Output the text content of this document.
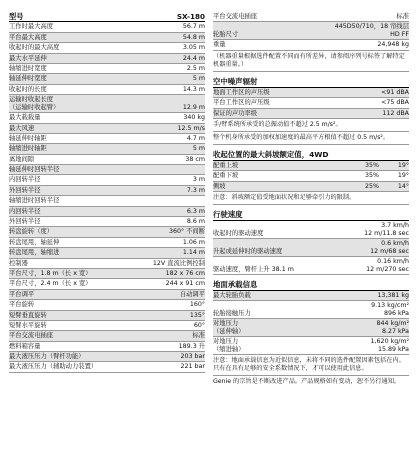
型号	SX-180
工作时最大高度	56.7 m
平台最大高度	54.8 m
收起时的最大高度	3.05 m
最大水平延伸	24.4 m
轴缩进时宽度	2.5 m
轴延伸时宽度	5 m
收起时的长度	14.3 m
运输时收起长度
（运输时收起臂）	12.9 m
最大载载量	340 kg
最大风速	12.5 m/s
轴延伸时轴距	4.7 m
轴缩进时轴距	5 m
离地间隙	38 cm
轴延伸时回转半径
内回转半径	3 m
外回转半径	7.3 m
轴缩进时回转半径
内回转半径	6.3 m
外回转半径	8.6 m
转盘旋转（度）	360° 不间断
转盘尾甩，轴延伸	1.06 m
转盘尾甩，轴缩进	1.14 m
控制器	12V 直流比例控制
平台尺寸，1.8 m（长 x 宽）	182 x 76 cm
平台尺寸，2.4 m（长 x 宽）	244 x 91 cm
平台调平	自动调平
平台旋转	160°
短臂垂直旋转	135°
短臂水平旋转	60°
平台交流电插座	标准
燃料箱容量	189.3 升
最大液压压力（臂杆功能）	203 bar
最大液压压力（辅助动力装置）	221 bar
平台交流电插座	标准
轮胎尺寸
445D50/710，18 帘线层
HD FF
重量	24,948 kg
（机器重量根据选件配置不同而有所差异，请参阅序列号标签了解特定机器重量。）
空中噪声辐射
地面工作区的声压级	<91 dBA
平台工作区的声压级	<75 dBA
保证的声功率级	112 dBA
手/臂系统所承受的总振动值不超过 2.5 m/s²。
整个机身所承受的加权加速度的最高平方根值不超过 0.5 m/s²。
收起位置的最大斜坡额定值，4WD
配重上坡	35%	19°
配重下坡	35%	19°
侧坡	25%	14°
注意：斜坡额定值受地面状况和足够牵引力的限制。
行驶速度
收起时的驱动速度
3.7 km/h
12 m/11.8 sec
升起或延伸时的驱动速度
0.6 km/h
12 m/68 sec
驱动速度，臂杆上升 38.1 m
0.16 km/h
12 m/270 sec
地面承载信息
最大轮胎负载	13,381 kg
轮胎接触压力
9.13 kg/cm²
896 kPa
对地压力
（延伸轴）
844 kg/m²
8.27 kPa
对地压力
（缩进轴）
1,620 kg/m²
15.89 kPa
注意：地面承载信息为近似信息，未将不同的选件配置因素包括在内。只有在具有足够的安全系数情况下，才可以使用此信息。
Genie 的宗旨是不断改进产品。产品规格如有变动，恕不另行通知。
